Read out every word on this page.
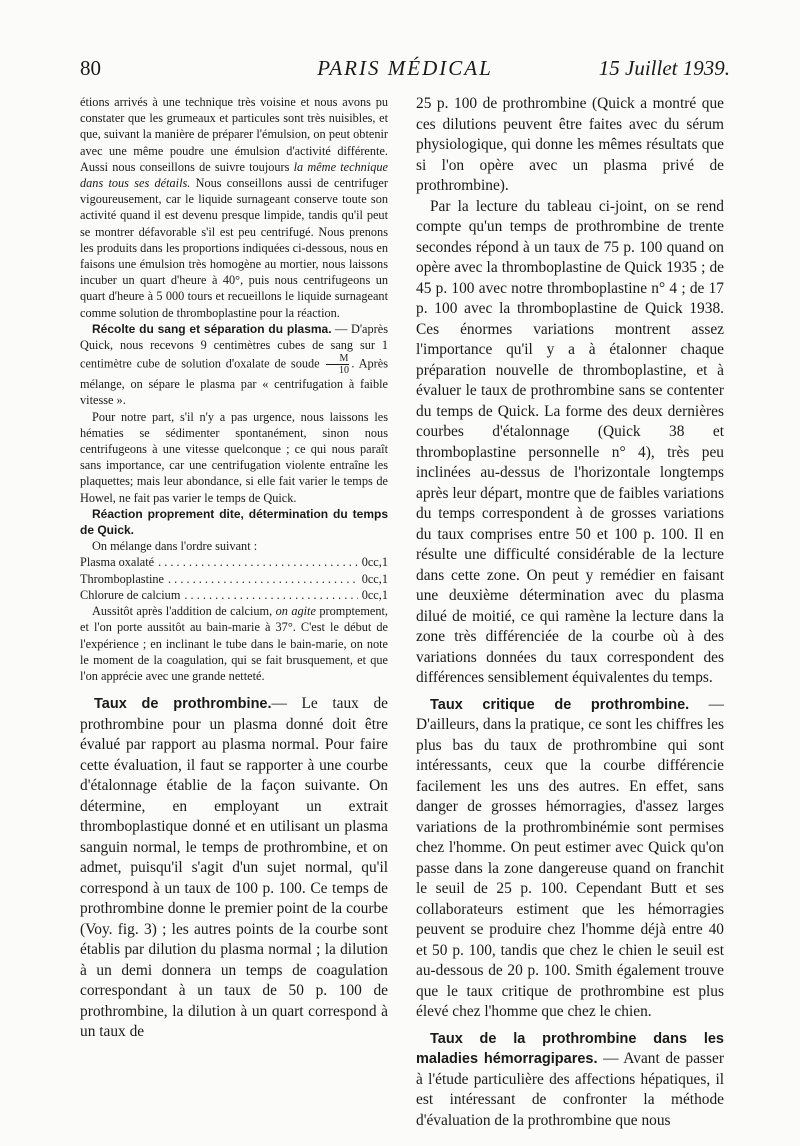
80	PARIS MÉDICAL	15 Juillet 1939.

étions arrivés à une technique très voisine et nous avons pu constater que les grumeaux et particules sont très nuisibles, et que, suivant la manière de préparer l'émulsion, on peut obtenir avec une même poudre une émulsion d'activité différente. Aussi nous conseillons de suivre toujours la même technique dans tous ses détails. Nous conseillons aussi de centrifuger vigoureusement, car le liquide surnageant conserve toute son activité quand il est devenu presque limpide, tandis qu'il peut se montrer défavorable s'il est peu centrifugé. Nous prenons les produits dans les proportions indiquées ci-dessous, nous en faisons une émulsion très homogène au mortier, nous laissons incuber un quart d'heure à 40°, puis nous centrifugeons un quart d'heure à 5 000 tours et recueillons le liquide surnageant comme solution de thromboplastine pour la réaction.

Récolte du sang et séparation du plasma. — D'après Quick, nous recevons 9 centimètres cubes de sang sur 1 centimètre cube de solution d'oxalate de soude $\frac{M}{10}$ . Après mélange, on sépare le plasma par « centrifugation à faible vitesse ».

Pour notre part, s'il n'y a pas urgence, nous laissons les hématies se sédimenter spontanément, sinon nous centrifugeons à une vitesse quelconque ; ce qui nous paraît sans importance, car une centrifugation violente entraîne les plaquettes; mais leur abondance, si elle fait varier le temps de Howel, ne fait pas varier le temps de Quick.

Réaction proprement dite, détermination du temps de Quick.

On mélange dans l'ordre suivant :

Plasma oxalaté . . .	0cc,1
Thromboplastine . . .	0cc,1
Chlorure de calcium . . .	0cc,1

Aussitôt après l'addition de calcium, on agite promptement, et l'on porte aussitôt au bain-marie à 37°. C'est le début de l'expérience ; en inclinant le tube dans le bain-marie, on note le moment de la coagulation, qui se fait brusquement, et que l'on apprécie avec une grande netteté.

Taux de prothrombine.— Le taux de prothrombine pour un plasma donné doit être évalué par rapport au plasma normal. Pour faire cette évaluation, il faut se rapporter à une courbe d'étalonnage établie de la façon suivante. On détermine, en employant un extrait thromboplastique donné et en utilisant un plasma sanguin normal, le temps de prothrombine, et on admet, puisqu'il s'agit d'un sujet normal, qu'il correspond à un taux de 100 p. 100. Ce temps de prothrombine donne le premier point de la courbe (Voy. fig. 3) ; les autres points de la courbe sont établis par dilution du plasma normal ; la dilution à un demi donnera un temps de coagulation correspondant à un taux de 50 p. 100 de prothrombine, la dilution à un quart correspond à un taux de

25 p. 100 de prothrombine (Quick a montré que ces dilutions peuvent être faites avec du sérum physiologique, qui donne les mêmes résultats que si l'on opère avec un plasma privé de prothrombine).

Par la lecture du tableau ci-joint, on se rend compte qu'un temps de prothrombine de trente secondes répond à un taux de 75 p. 100 quand on opère avec la thromboplastine de Quick 1935 ; de 45 p. 100 avec notre thromboplastine n° 4 ; de 17 p. 100 avec la thromboplastine de Quick 1938. Ces énormes variations montrent assez l'importance qu'il y a à étalonner chaque préparation nouvelle de thromboplastine, et à évaluer le taux de prothrombine sans se contenter du temps de Quick. La forme des deux dernières courbes d'étalonnage (Quick 38 et thromboplastine personnelle n° 4), très peu inclinées au-dessus de l'horizontale longtemps après leur départ, montre que de faibles variations du temps correspondent à de grosses variations du taux comprises entre 50 et 100 p. 100. Il en résulte une difficulté considérable de la lecture dans cette zone. On peut y remédier en faisant une deuxième détermination avec du plasma dilué de moitié, ce qui ramène la lecture dans la zone très différenciée de la courbe où à des variations données du taux correspondent des différences sensiblement équivalentes du temps.

Taux critique de prothrombine. — D'ailleurs, dans la pratique, ce sont les chiffres les plus bas du taux de prothrombine qui sont intéressants, ceux que la courbe différencie facilement les uns des autres. En effet, sans danger de grosses hémorragies, d'assez larges variations de la prothrombinémie sont permises chez l'homme. On peut estimer avec Quick qu'on passe dans la zone dangereuse quand on franchit le seuil de 25 p. 100. Cependant Butt et ses collaborateurs estiment que les hémorragies peuvent se produire chez l'homme déjà entre 40 et 50 p. 100, tandis que chez le chien le seuil est au-dessous de 20 p. 100. Smith également trouve que le taux critique de prothrombine est plus élevé chez l'homme que chez le chien.

Taux de la prothrombine dans les maladies hémorragipares. — Avant de passer à l'étude particulière des affections hépatiques, il est intéressant de confronter la méthode d'évaluation de la prothrombine que nous
